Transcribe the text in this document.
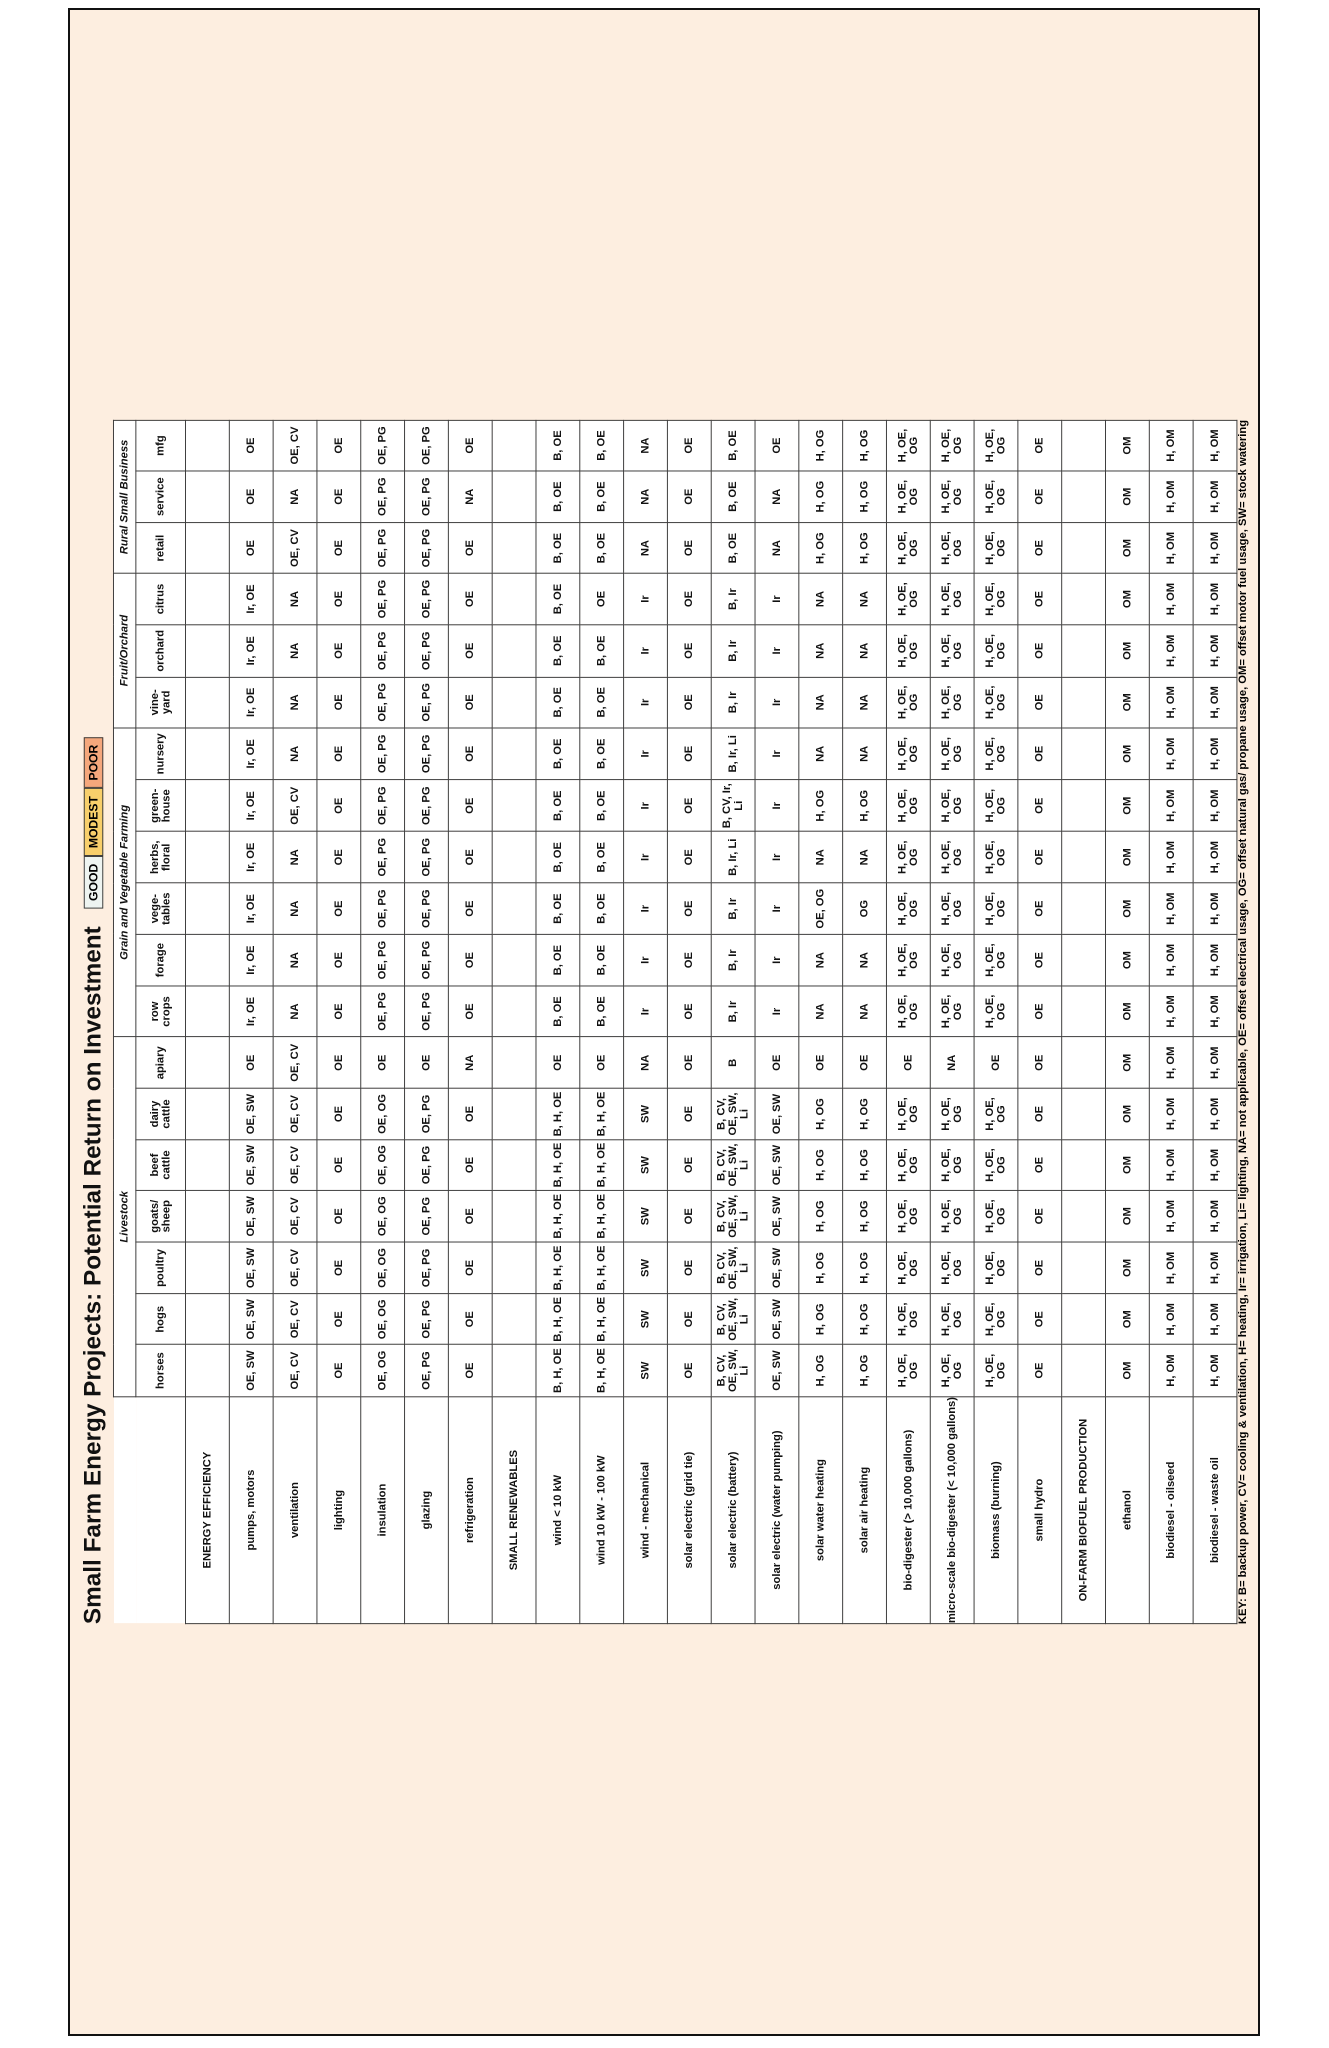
Small Farm Energy Projects: Potential Return on Investment
GOOD
MODEST
POOR
	Livestock							Grain and Vegetable Farming						Fruit/Orchard			Rural Small Business		
	horses	hogs	poultry	goats/ sheep	beef cattle	dairy cattle	apiary	row crops	forage	vege- tables	herbs, floral	green- house	nursery	vine- yard	orchard	citrus	retail	service	mfg
ENERGY EFFICIENCY																			
pumps, motors	OE, SW	OE, SW	OE, SW	OE, SW	OE, SW	OE, SW	OE	Ir, OE	Ir, OE	Ir, OE	Ir, OE	Ir, OE	Ir, OE	Ir, OE	Ir, OE	Ir, OE	OE	OE	OE
ventilation	OE, CV	OE, CV	OE, CV	OE, CV	OE, CV	OE, CV	OE, CV	NA	NA	NA	NA	OE, CV	NA	NA	NA	NA	OE, CV	NA	OE, CV
lighting	OE	OE	OE	OE	OE	OE	OE	OE	OE	OE	OE	OE	OE	OE	OE	OE	OE	OE	OE
insulation	OE, OG	OE, OG	OE, OG	OE, OG	OE, OG	OE, OG	OE	OE, PG	OE, PG	OE, PG	OE, PG	OE, PG	OE, PG	OE, PG	OE, PG	OE, PG	OE, PG	OE, PG	OE, PG
glazing	OE, PG	OE, PG	OE, PG	OE, PG	OE, PG	OE, PG	OE	OE, PG	OE, PG	OE, PG	OE, PG	OE, PG	OE, PG	OE, PG	OE, PG	OE, PG	OE, PG	OE, PG	OE, PG
refrigeration	OE	OE	OE	OE	OE	OE	NA	OE	OE	OE	OE	OE	OE	OE	OE	OE	OE	NA	OE
SMALL RENEWABLES																			
wind < 10 kW	B, H, OE	B, H, OE	B, H, OE	B, H, OE	B, H, OE	B, H, OE	OE	B, OE	B, OE	B, OE	B, OE	B, OE	B, OE	B, OE	B, OE	B, OE	B, OE	B, OE	B, OE
wind 10 kW - 100 kW	B, H, OE	B, H, OE	B, H, OE	B, H, OE	B, H, OE	B, H, OE	OE	B, OE	B, OE	B, OE	B, OE	B, OE	B, OE	B, OE	B, OE	OE	B, OE	B, OE	B, OE
wind - mechanical	SW	SW	SW	SW	SW	SW	NA	Ir	Ir	Ir	Ir	Ir	Ir	Ir	Ir	Ir	NA	NA	NA
solar electric (grid tie)	OE	OE	OE	OE	OE	OE	OE	OE	OE	OE	OE	OE	OE	OE	OE	OE	OE	OE	OE
solar electric (battery)	B, CV, OE, SW, Li	B, CV, OE, SW, Li	B, CV, OE, SW, Li	B, CV, OE, SW, Li	B, CV, OE, SW, Li	B, CV, OE, SW, Li	B	B, Ir	B, Ir	B, Ir	B, Ir, Li	B, CV, Ir, Li	B, Ir, Li	B, Ir	B, Ir	B, Ir	B, OE	B, OE	B, OE
solar electric (water pumping)	OE, SW	OE, SW	OE, SW	OE, SW	OE, SW	OE, SW	OE	Ir	Ir	Ir	Ir	Ir	Ir	Ir	Ir	Ir	NA	NA	OE
solar water heating	H, OG	H, OG	H, OG	H, OG	H, OG	H, OG	OE	NA	NA	OE, OG	NA	H, OG	NA	NA	NA	NA	H, OG	H, OG	H, OG
solar air heating	H, OG	H, OG	H, OG	H, OG	H, OG	H, OG	OE	NA	NA	OG	NA	H, OG	NA	NA	NA	NA	H, OG	H, OG	H, OG
bio-digester (> 10,000 gallons)	H, OE, OG	H, OE, OG	H, OE, OG	H, OE, OG	H, OE, OG	H, OE, OG	OE	H, OE, OG	H, OE, OG	H, OE, OG	H, OE, OG	H, OE, OG	H, OE, OG	H, OE, OG	H, OE, OG	H, OE, OG	H, OE, OG	H, OE, OG	H, OE, OG
micro-scale bio-digester (< 10,000 gallons)	H, OE, OG	H, OE, OG	H, OE, OG	H, OE, OG	H, OE, OG	H, OE, OG	NA	H, OE, OG	H, OE, OG	H, OE, OG	H, OE, OG	H, OE, OG	H, OE, OG	H, OE, OG	H, OE, OG	H, OE, OG	H, OE, OG	H, OE, OG	H, OE, OG
biomass (burning)	H, OE, OG	H, OE, OG	H, OE, OG	H, OE, OG	H, OE, OG	H, OE, OG	OE	H, OE, OG	H, OE, OG	H, OE, OG	H, OE, OG	H, OE, OG	H, OE, OG	H, OE, OG	H, OE, OG	H, OE, OG	H, OE, OG	H, OE, OG	H, OE, OG
small hydro	OE	OE	OE	OE	OE	OE	OE	OE	OE	OE	OE	OE	OE	OE	OE	OE	OE	OE	OE
ON-FARM BIOFUEL PRODUCTION																			
ethanol	OM	OM	OM	OM	OM	OM	OM	OM	OM	OM	OM	OM	OM	OM	OM	OM	OM	OM	OM
biodiesel - oilseed	H, OM	H, OM	H, OM	H, OM	H, OM	H, OM	H, OM	H, OM	H, OM	H, OM	H, OM	H, OM	H, OM	H, OM	H, OM	H, OM	H, OM	H, OM	H, OM
biodiesel - waste oil	H, OM	H, OM	H, OM	H, OM	H, OM	H, OM	H, OM	H, OM	H, OM	H, OM	H, OM	H, OM	H, OM	H, OM	H, OM	H, OM	H, OM	H, OM	H, OM KEY: B= backup power, CV= cooling & ventilation, H= heating, Ir= irrigation, Li= lighting, NA= not applicable, OE= offset electrical usage, OG= offset natural gas/ propane usage, OM= offset motor fuel usage, SW= stock watering
